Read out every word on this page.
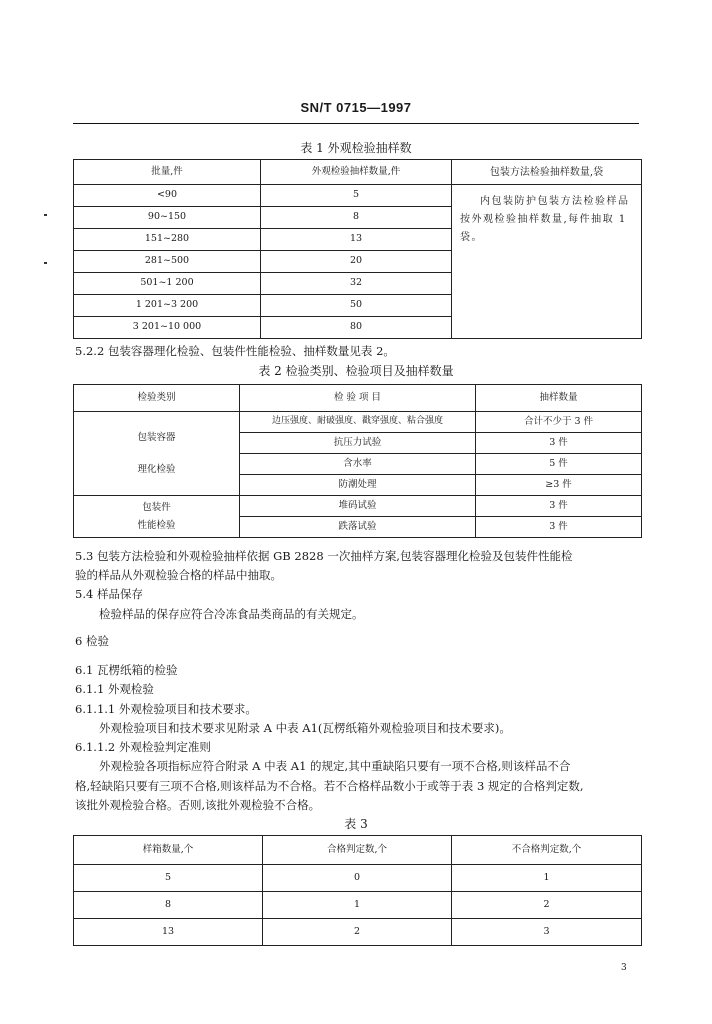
SN/T 0715—1997
表 1 外观检验抽样数
批量,件	外观检验抽样数量,件	包装方法检验抽样数量,袋
<90	5	内包装防护包装方法检验样品按外观检验抽样数量,每件抽取 1 袋。
90~150	8	
151~280	13	
281~500	20	
501~1 200	32	
1 201~3 200	50	
3 201~10 000	80	
5.2.2 包装容器理化检验、包装件性能检验、抽样数量见表 2。
表 2 检验类别、检验项目及抽样数量
检验类别	检 验 项 目	抽样数量

包装容器
理化检验	边压强度、耐破强度、戳穿强度、粘合强度	合计不少于 3 件
	抗压力试验	3 件
	含水率	5 件
	防潮处理	≥3 件

包装件
性能检验	堆码试验	3 件
	跌落试验	3 件
5.3 包装方法检验和外观检验抽样依据 GB 2828 一次抽样方案,包装容器理化检验及包装件性能检
验的样品从外观检验合格的样品中抽取。
5.4 样品保存
检验样品的保存应符合冷冻食品类商品的有关规定。
6 检验
6.1 瓦楞纸箱的检验
6.1.1 外观检验
6.1.1.1 外观检验项目和技术要求。
外观检验项目和技术要求见附录 A 中表 A1(瓦楞纸箱外观检验项目和技术要求)。
6.1.1.2 外观检验判定准则
外观检验各项指标应符合附录 A 中表 A1 的规定,其中重缺陷只要有一项不合格,则该样品不合
格,轻缺陷只要有三项不合格,则该样品为不合格。若不合格样品数小于或等于表 3 规定的合格判定数,
该批外观检验合格。否则,该批外观检验不合格。
表 3
样箱数量,个	合格判定数,个	不合格判定数,个
5	0	1
8	1	2
13	2	3
3
